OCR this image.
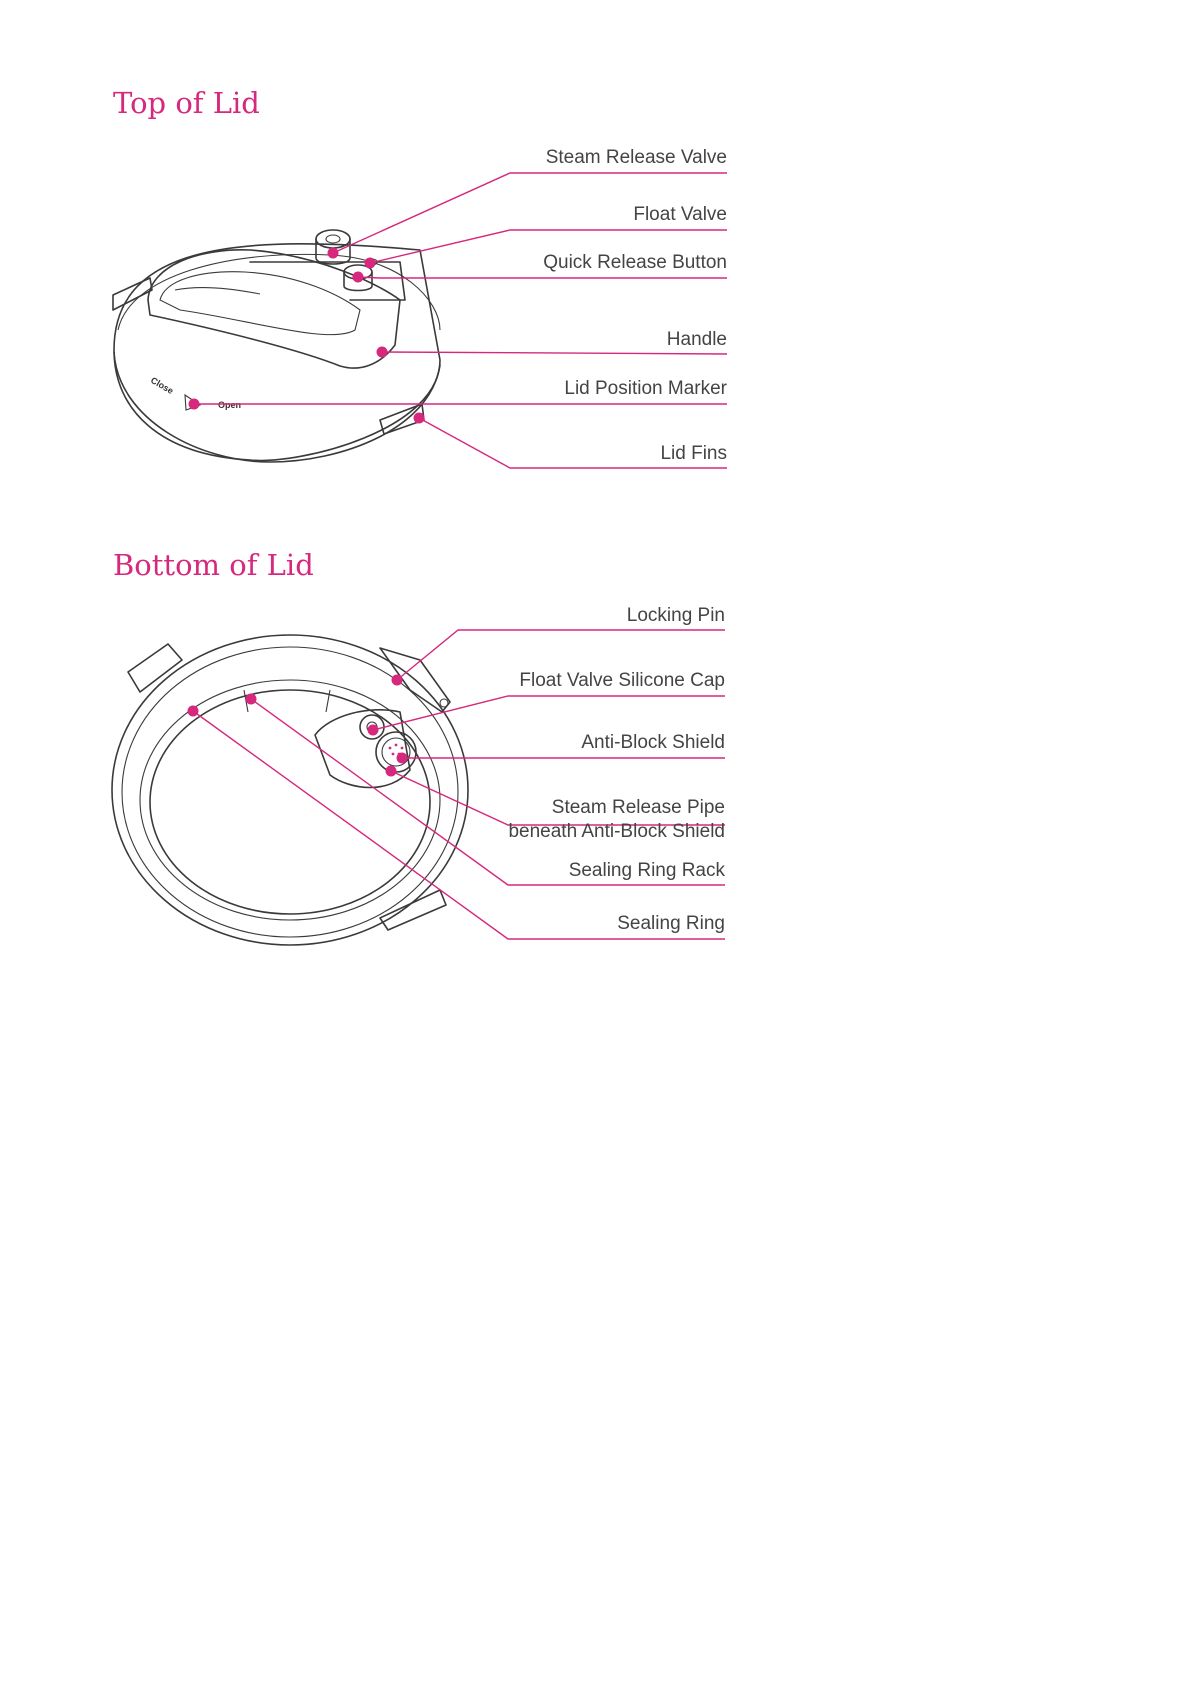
Top of Lid
Close
Open
Steam Release Valve
Float Valve
Quick Release Button
Handle
Lid Position Marker
Lid Fins
Bottom of Lid
Locking Pin
Float Valve Silicone Cap
Anti-Block Shield
Steam Release Pipe
beneath Anti-Block Shield
Sealing Ring Rack
Sealing Ring
